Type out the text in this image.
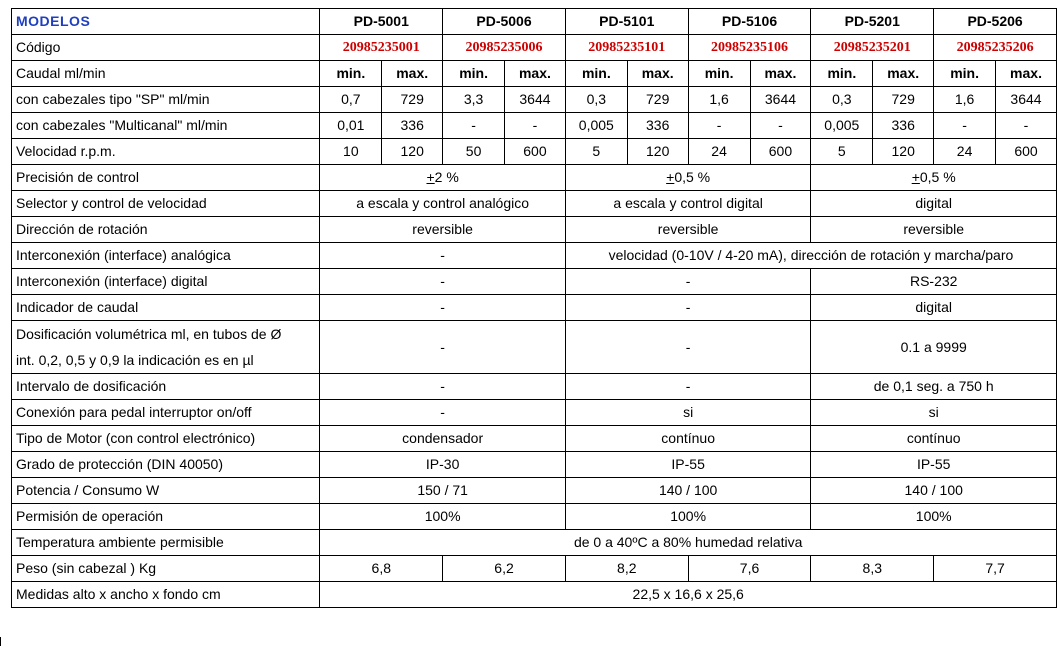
MODELOS	PD-5001		PD-5006		PD-5101		PD-5106		PD-5201		PD-5206	
Código	20985235001		20985235006		20985235101		20985235106		20985235201		20985235206	
Caudal ml/min	min.	max.	min.	max.	min.	max.	min.	max.	min.	max.	min.	max.
con cabezales tipo "SP" ml/min	0,7	729	3,3	3644	0,3	729	1,6	3644	0,3	729	1,6	3644
con cabezales "Multicanal" ml/min	0,01	336	-	-	0,005	336	-	-	0,005	336	-	-
Velocidad r.p.m.	10	120	50	600	5	120	24	600	5	120	24	600
Precisión de control	+2 %				+0,5 %				+0,5 %			
Selector y control de velocidad	a escala y control analógico				a escala y control digital				digital			
Dirección de rotación	reversible				reversible				reversible			
Interconexión (interface) analógica	-				velocidad (0-10V / 4-20 mA), dirección de rotación y marcha/paro							
Interconexión (interface) digital	-				-				RS-232			
Indicador de caudal	-				-				digital			
Dosificación volumétrica ml, en tubos de Ø
int. 0,2, 0,5 y 0,9 la indicación es en µl	-				-				0.1 a 9999			
Intervalo de dosificación	-				-				de 0,1 seg. a 750 h			
Conexión para pedal interruptor on/off	-				si				si			
Tipo de Motor (con control electrónico)	condensador				contínuo				contínuo			
Grado de protección (DIN 40050)	IP-30				IP-55				IP-55			
Potencia / Consumo W	150 / 71				140 / 100				140 / 100			
Permisión de operación	100%				100%				100%			
Temperatura ambiente permisible	de 0 a 40ºC a 80% humedad relativa											
Peso (sin cabezal ) Kg	6,8		6,2		8,2		7,6		8,3		7,7	
Medidas alto x ancho x fondo cm	22,5 x 16,6 x 25,6											
